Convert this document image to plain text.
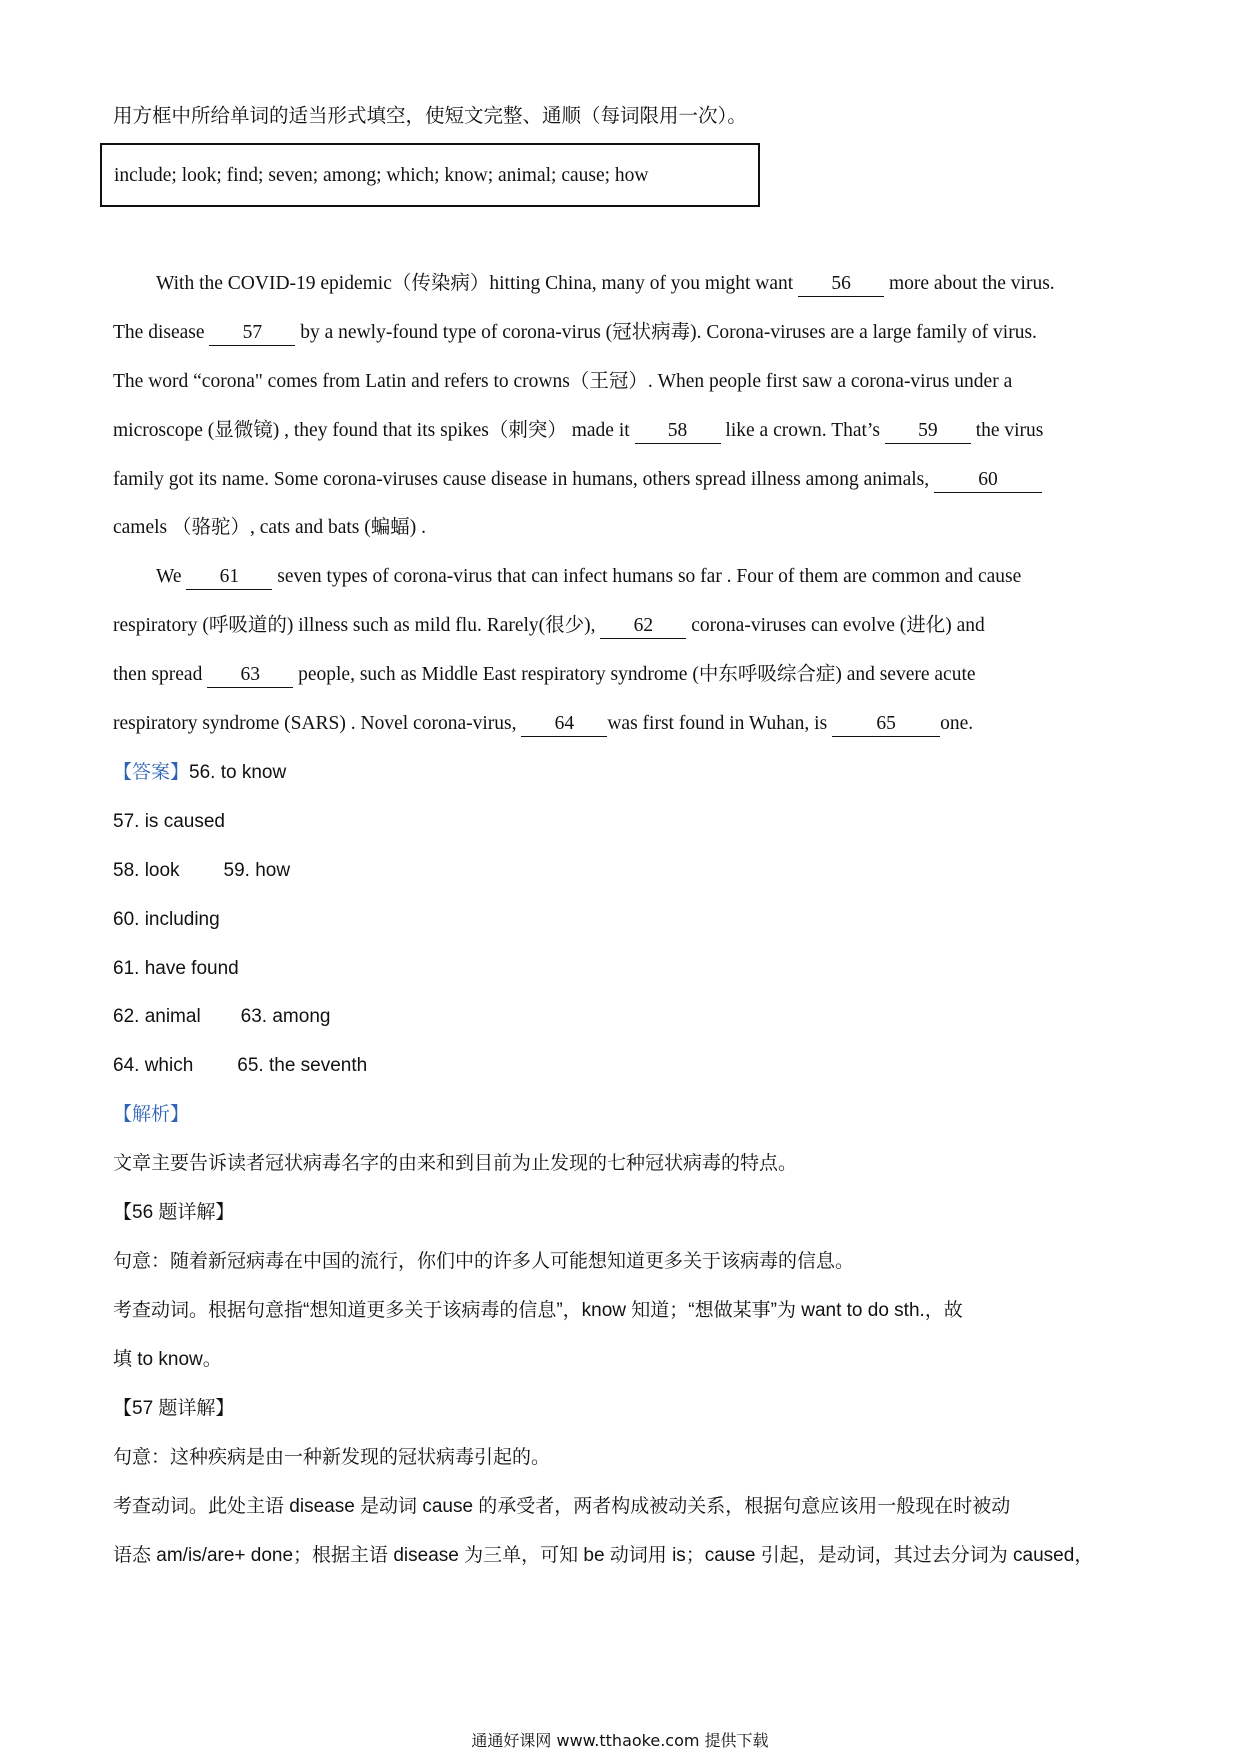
用方框中所给单词的适当形式填空，使短文完整、通顺（每词限用一次）。
include; look; find; seven; among; which; know; animal; cause; how
With the COVID-19 epidemic（传染病）hitting China, many of you might want 56 more about the virus.
The disease 57 by a newly-found type of corona-virus (冠状病毒). Corona-viruses are a large family of virus.
The word “corona" comes from Latin and refers to crowns（王冠）. When people first saw a corona-virus under a
microscope (显微镜) , they found that its spikes（刺突） made it 58 like a crown. That’s 59 the virus
family got its name. Some corona-viruses cause disease in humans, others spread illness among animals, 60
camels （骆驼）, cats and bats (蝙蝠) .
We 61 seven types of corona-virus that can infect humans so far . Four of them are common and cause
respiratory (呼吸道的) illness such as mild flu. Rarely(很少), 62 corona-viruses can evolve (进化) and
then spread 63 people, such as Middle East respiratory syndrome (中东呼吸综合症) and severe acute
respiratory syndrome (SARS) . Novel corona-virus, 64 was first found in Wuhan, is 65 one.
【答案】56. to know
57. is caused
58. look 59. how
60. including
61. have found
62. animal 63. among
64. which 65. the seventh
【解析】
文章主要告诉读者冠状病毒名字的由来和到目前为止发现的七种冠状病毒的特点。
【56 题详解】
句意：随着新冠病毒在中国的流行，你们中的许多人可能想知道更多关于该病毒的信息。
考查动词。根据句意指“想知道更多关于该病毒的信息”，know 知道；“想做某事”为 want to do sth.，故
填 to know。
【57 题详解】
句意：这种疾病是由一种新发现的冠状病毒引起的。
考查动词。此处主语 disease 是动词 cause 的承受者，两者构成被动关系，根据句意应该用一般现在时被动
语态 am/is/are+ done；根据主语 disease 为三单，可知 be 动词用 is；cause 引起，是动词，其过去分词为 caused，
通通好课网 www.tthaoke.com 提供下载
